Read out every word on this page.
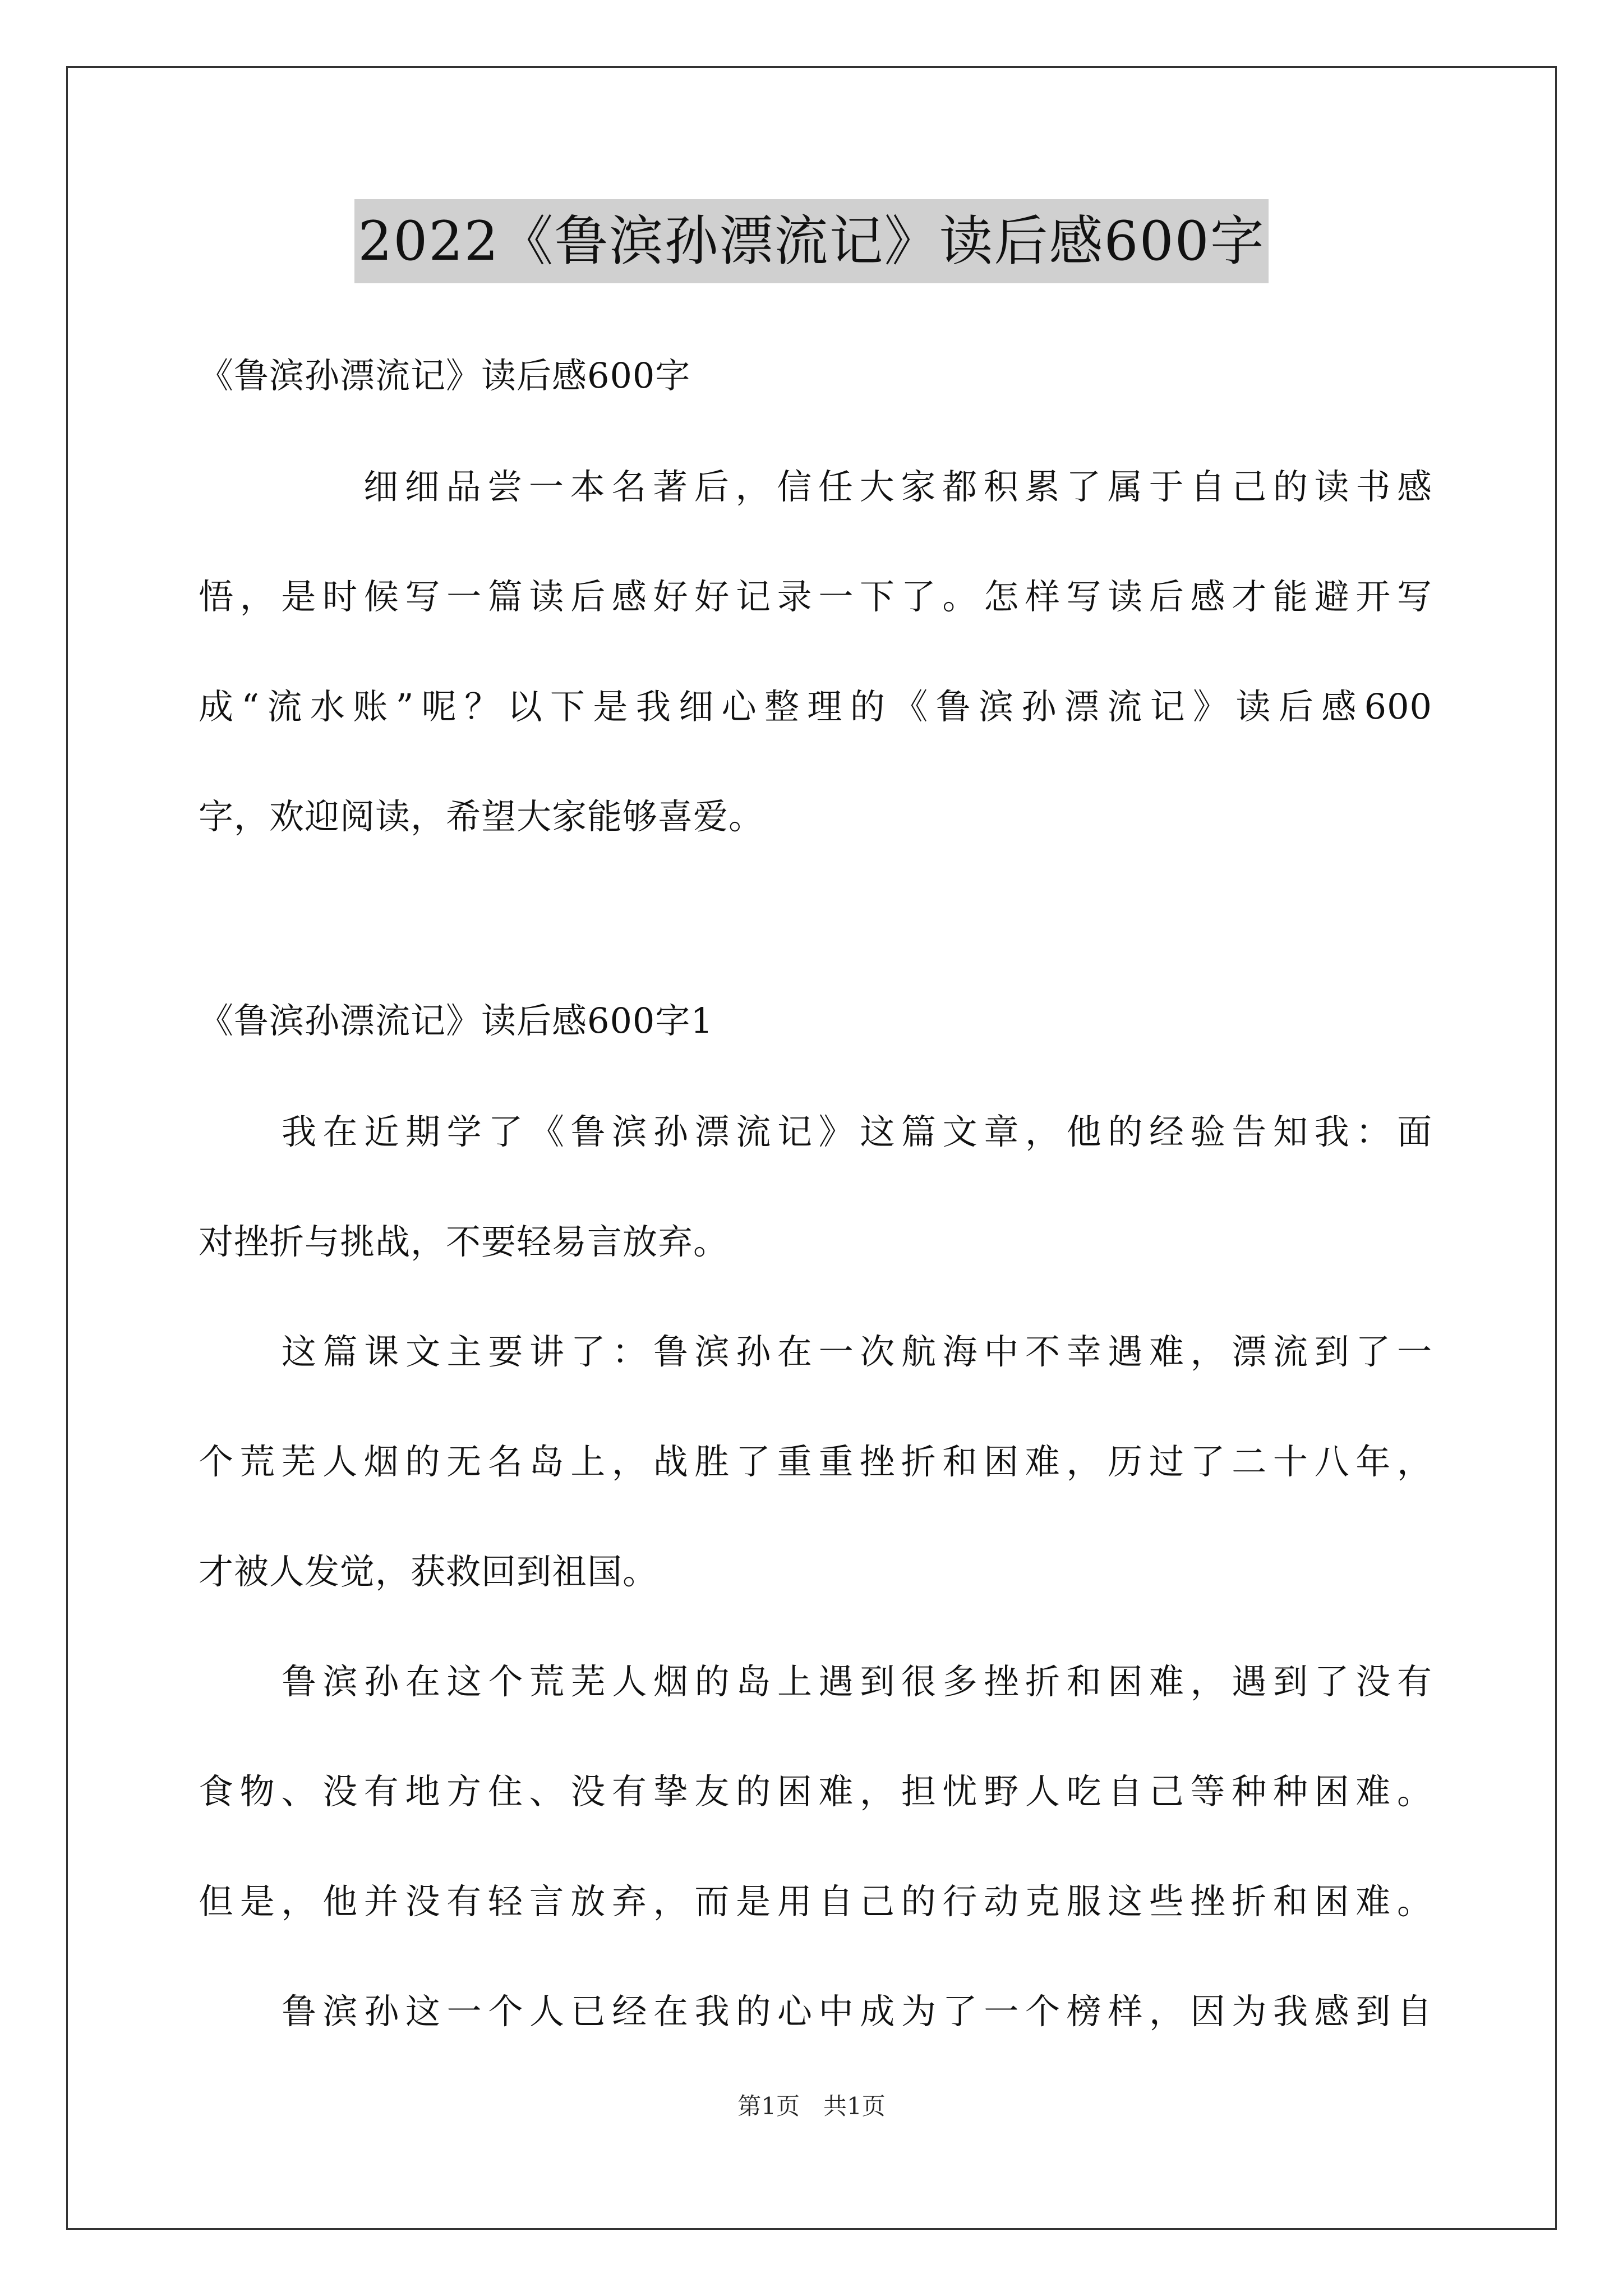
2022《鲁滨孙漂流记》读后感600字
《鲁滨孙漂流记》读后感600字
细细品尝一本名著后，信任大家都积累了属于自己的读书感
悟，是时候写一篇读后感好好记录一下了。怎样写读后感才能避开写
成“流水账”呢？以下是我细心整理的《鲁滨孙漂流记》读后感600
字，欢迎阅读，希望大家能够喜爱。
《鲁滨孙漂流记》读后感600字1
我在近期学了《鲁滨孙漂流记》这篇文章，他的经验告知我：面
对挫折与挑战，不要轻易言放弃。
这篇课文主要讲了：鲁滨孙在一次航海中不幸遇难，漂流到了一
个荒芜人烟的无名岛上，战胜了重重挫折和困难，历过了二十八年，
才被人发觉，获救回到祖国。
鲁滨孙在这个荒芜人烟的岛上遇到很多挫折和困难，遇到了没有
食物、没有地方住、没有挚友的困难，担忧野人吃自己等种种困难。
但是，他并没有轻言放弃，而是用自己的行动克服这些挫折和困难。
鲁滨孙这一个人已经在我的心中成为了一个榜样，因为我感到自
第1页　共1页
